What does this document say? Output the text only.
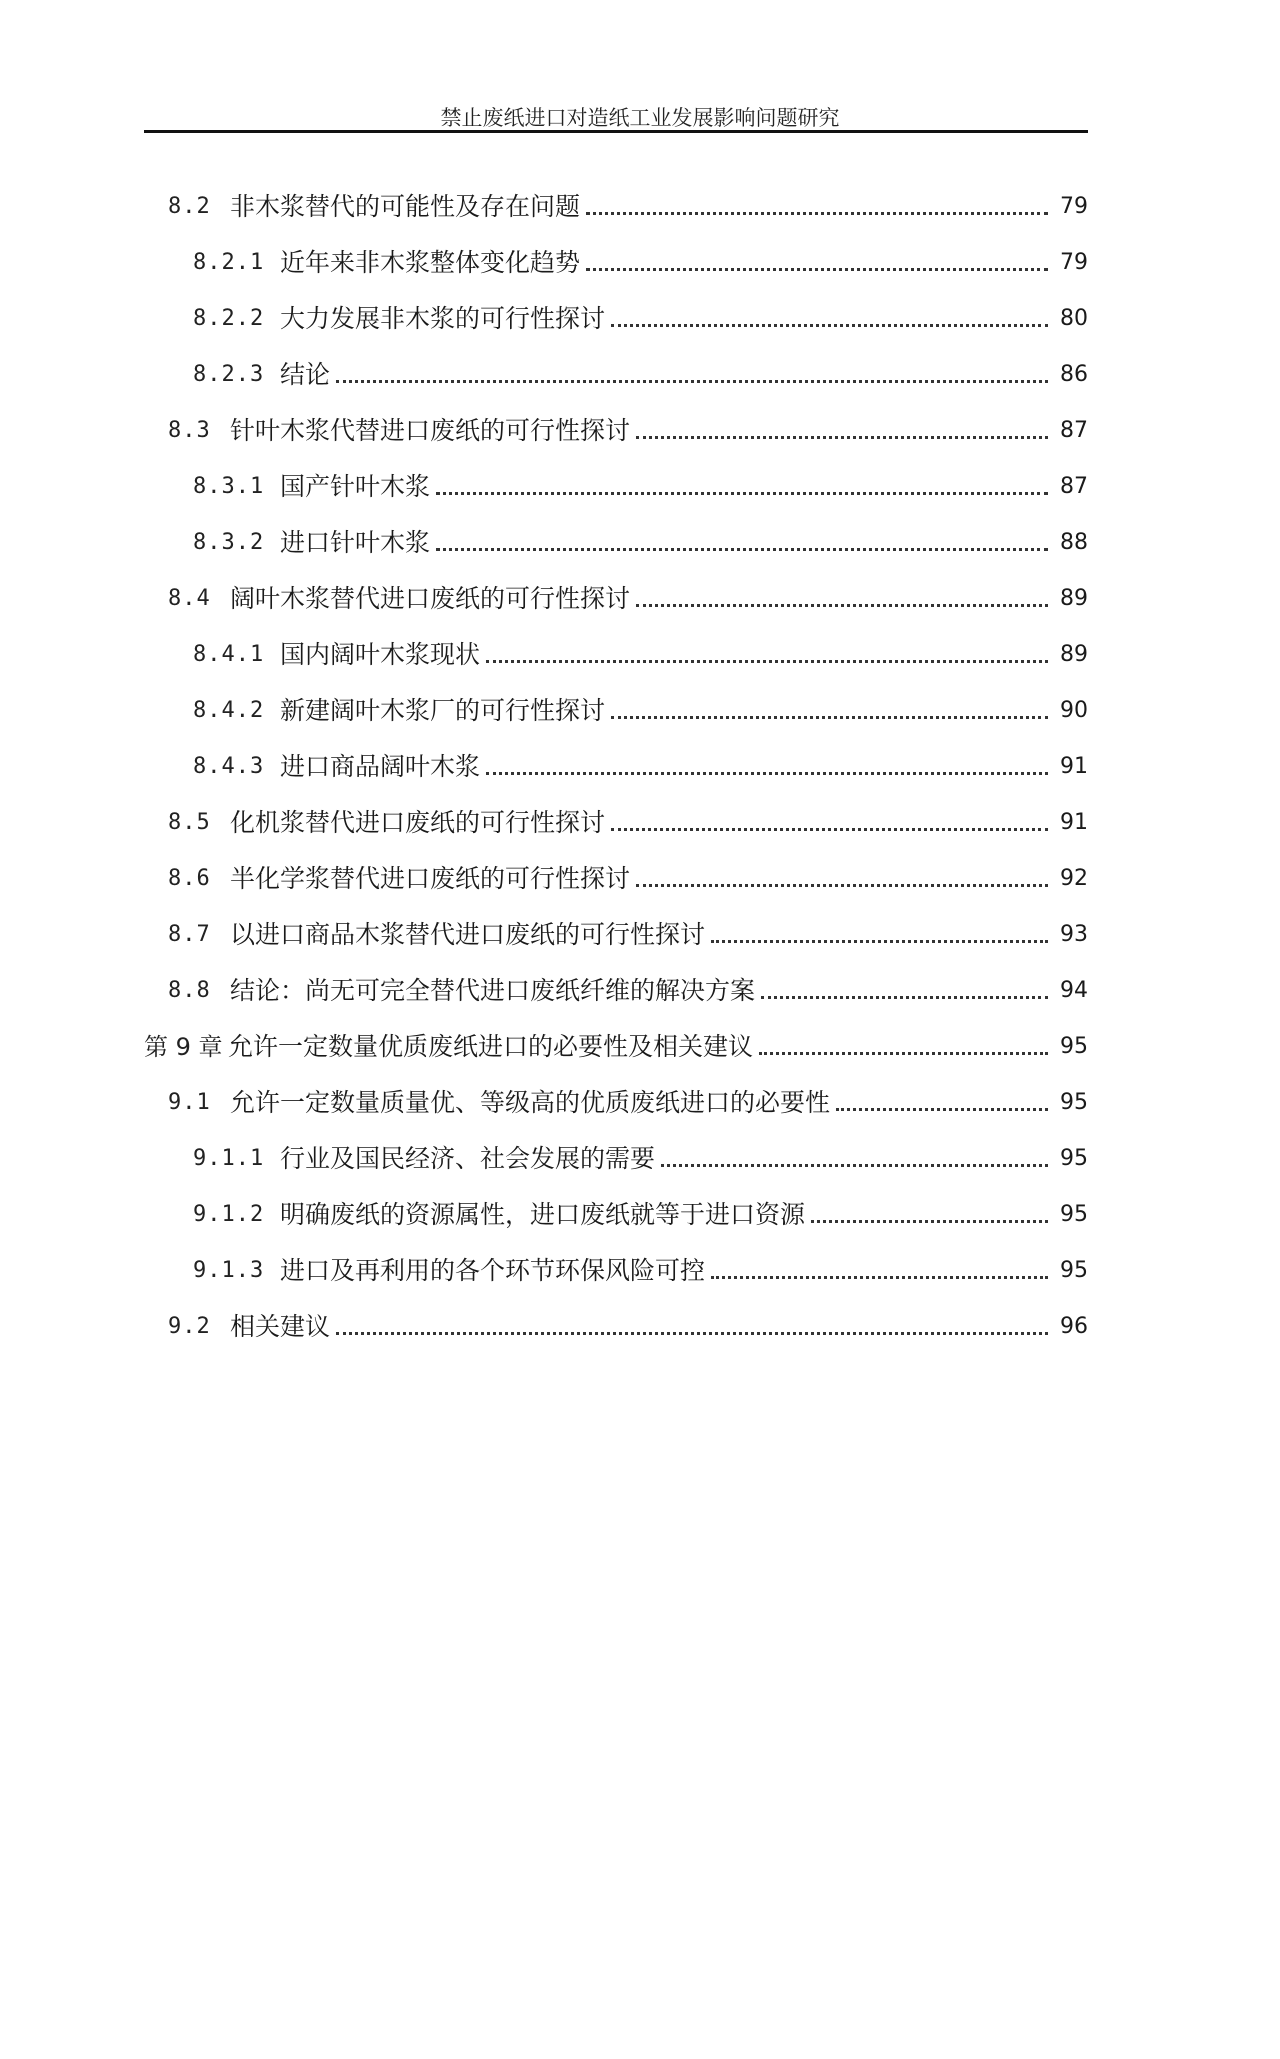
禁止废纸进口对造纸工业发展影响问题研究
8.2 非木浆替代的可能性及存在问题	79
8.2.1 近年来非木浆整体变化趋势	79
8.2.2 大力发展非木浆的可行性探讨	80
8.2.3 结论	86
8.3 针叶木浆代替进口废纸的可行性探讨	87
8.3.1 国产针叶木浆	87
8.3.2 进口针叶木浆	88
8.4 阔叶木浆替代进口废纸的可行性探讨	89
8.4.1 国内阔叶木浆现状	89
8.4.2 新建阔叶木浆厂的可行性探讨	90
8.4.3 进口商品阔叶木浆	91
8.5 化机浆替代进口废纸的可行性探讨	91
8.6 半化学浆替代进口废纸的可行性探讨	92
8.7 以进口商品木浆替代进口废纸的可行性探讨	93
8.8 结论：尚无可完全替代进口废纸纤维的解决方案	94
第 9 章 允许一定数量优质废纸进口的必要性及相关建议	95
9.1 允许一定数量质量优、等级高的优质废纸进口的必要性	95
9.1.1 行业及国民经济、社会发展的需要	95
9.1.2 明确废纸的资源属性，进口废纸就等于进口资源	95
9.1.3 进口及再利用的各个环节环保风险可控	95
9.2 相关建议	96
